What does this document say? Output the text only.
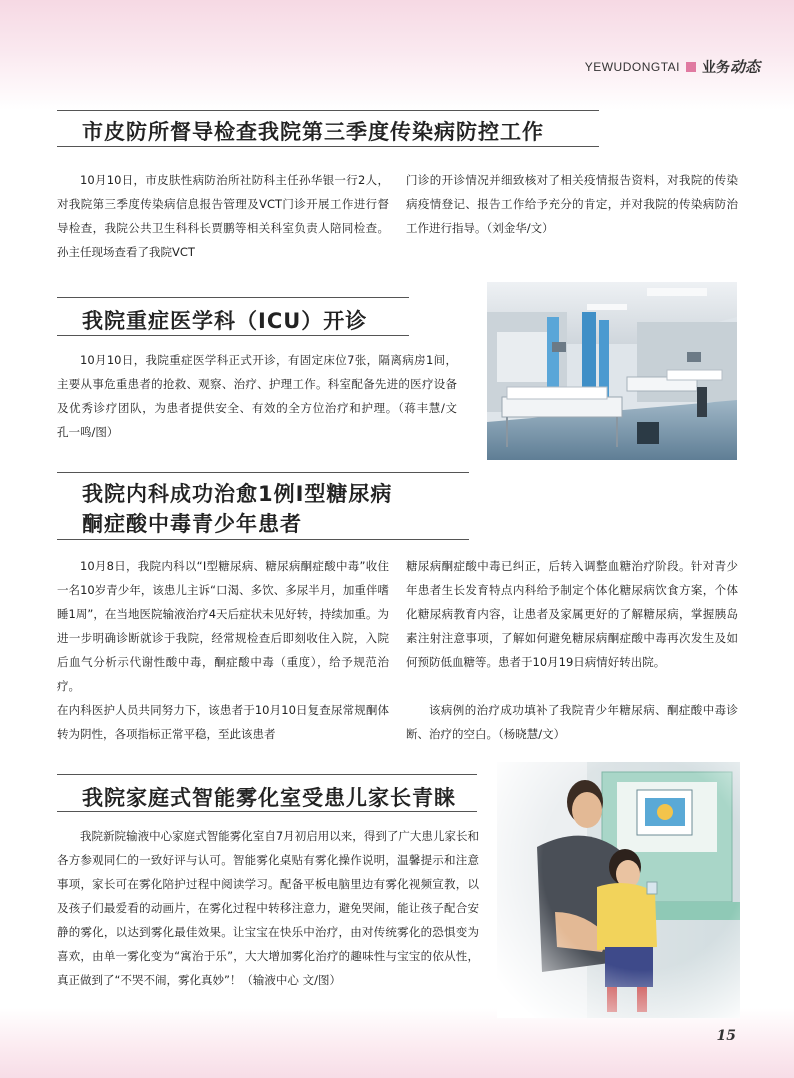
YEWUDONGTAI 业务动态
市皮防所督导检查我院第三季度传染病防控工作

10月10日，市皮肤性病防治所社防科主任孙华银一行2人，对我院第三季度传染病信息报告管理及VCT门诊开展工作进行督导检查，我院公共卫生科科长贾鹏等相关科室负责人陪同检查。孙主任现场查看了我院VCT

门诊的开诊情况并细致核对了相关疫情报告资料，对我院的传染病疫情登记、报告工作给予充分的肯定，并对我院的传染病防治工作进行指导。（刘金华/文）

我院重症医学科（ICU）开诊

10月10日，我院重症医学科正式开诊，有固定床位7张，隔离病房1间，主要从事危重患者的抢救、观察、治疗、护理工作。科室配备先进的医疗设备及优秀诊疗团队，为患者提供安全、有效的全方位治疗和护理。（蒋丰慧/文　孔一鸣/图）

我院内科成功治愈1例Ⅰ型糖尿病
酮症酸中毒青少年患者

10月8日，我院内科以“Ⅰ型糖尿病、糖尿病酮症酸中毒”收住一名10岁青少年，该患儿主诉“口渴、多饮、多尿半月，加重伴嗜睡1周”，在当地医院输液治疗4天后症状未见好转，持续加重。为进一步明确诊断就诊于我院，经常规检查后即刻收住入院，入院后血气分析示代谢性酸中毒，酮症酸中毒（重度），给予规范治疗。

在内科医护人员共同努力下，该患者于10月10日复查尿常规酮体转为阴性，各项指标正常平稳，至此该患者

糖尿病酮症酸中毒已纠正，后转入调整血糖治疗阶段。针对青少年患者生长发育特点内科给予制定个体化糖尿病饮食方案，个体化糖尿病教育内容，让患者及家属更好的了解糖尿病，掌握胰岛素注射注意事项，了解如何避免糖尿病酮症酸中毒再次发生及如何预防低血糖等。患者于10月19日病情好转出院。

该病例的治疗成功填补了我院青少年糖尿病、酮症酸中毒诊断、治疗的空白。（杨晓慧/文）

我院家庭式智能雾化室受患儿家长青睐

我院新院输液中心家庭式智能雾化室自7月初启用以来，得到了广大患儿家长和各方参观同仁的一致好评与认可。智能雾化桌贴有雾化操作说明，温馨提示和注意事项，家长可在雾化陪护过程中阅读学习。配备平板电脑里边有雾化视频宣教，以及孩子们最爱看的动画片，在雾化过程中转移注意力，避免哭闹，能让孩子配合安静的雾化，以达到雾化最佳效果。让宝宝在快乐中治疗，由对传统雾化的恐惧变为喜欢，由单一雾化变为“寓治于乐”，大大增加雾化治疗的趣味性与宝宝的依从性，真正做到了“不哭不闹，雾化真妙”！（输液中心 文/图）

15
